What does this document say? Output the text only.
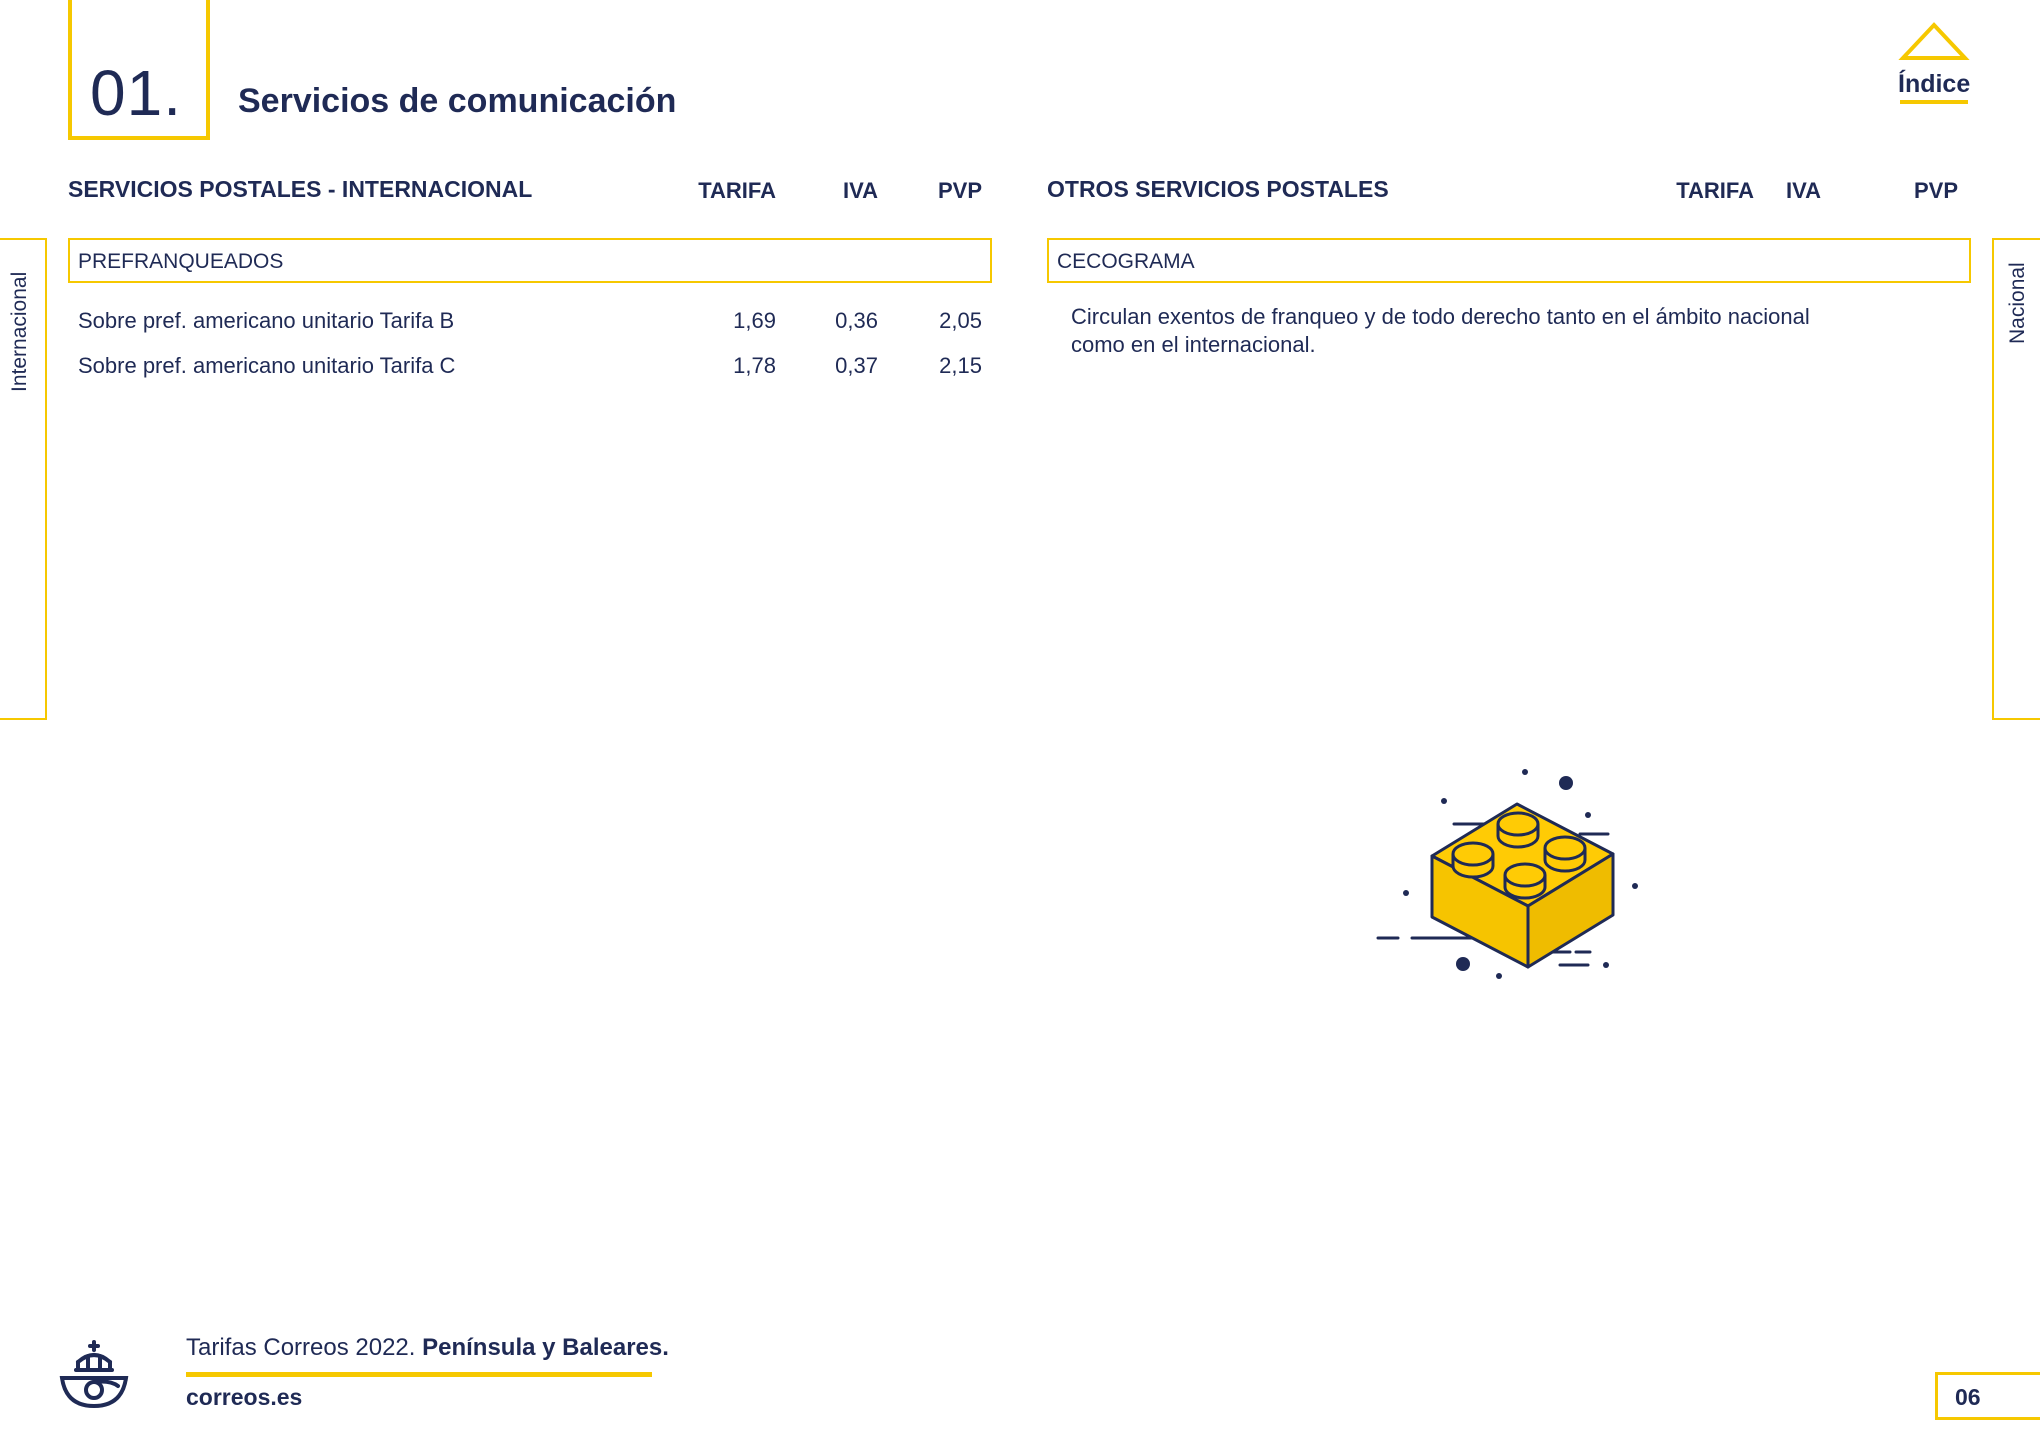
01. Servicios de comunicación	Índice
Internacional	Nacional
SERVICIOS POSTALES - INTERNACIONAL	TARIFA	IVA	PVP
PREFRANQUEADOS
Sobre pref. americano unitario Tarifa B	1,69	0,36	2,05
Sobre pref. americano unitario Tarifa C	1,78	0,37	2,15
OTROS SERVICIOS POSTALES	TARIFA	IVA	PVP
CECOGRAMA
Circulan exentos de franqueo y de todo derecho tanto en el ámbito nacional
como en el internacional.
Tarifas Correos 2022. Península y Baleares.
correos.es	06
